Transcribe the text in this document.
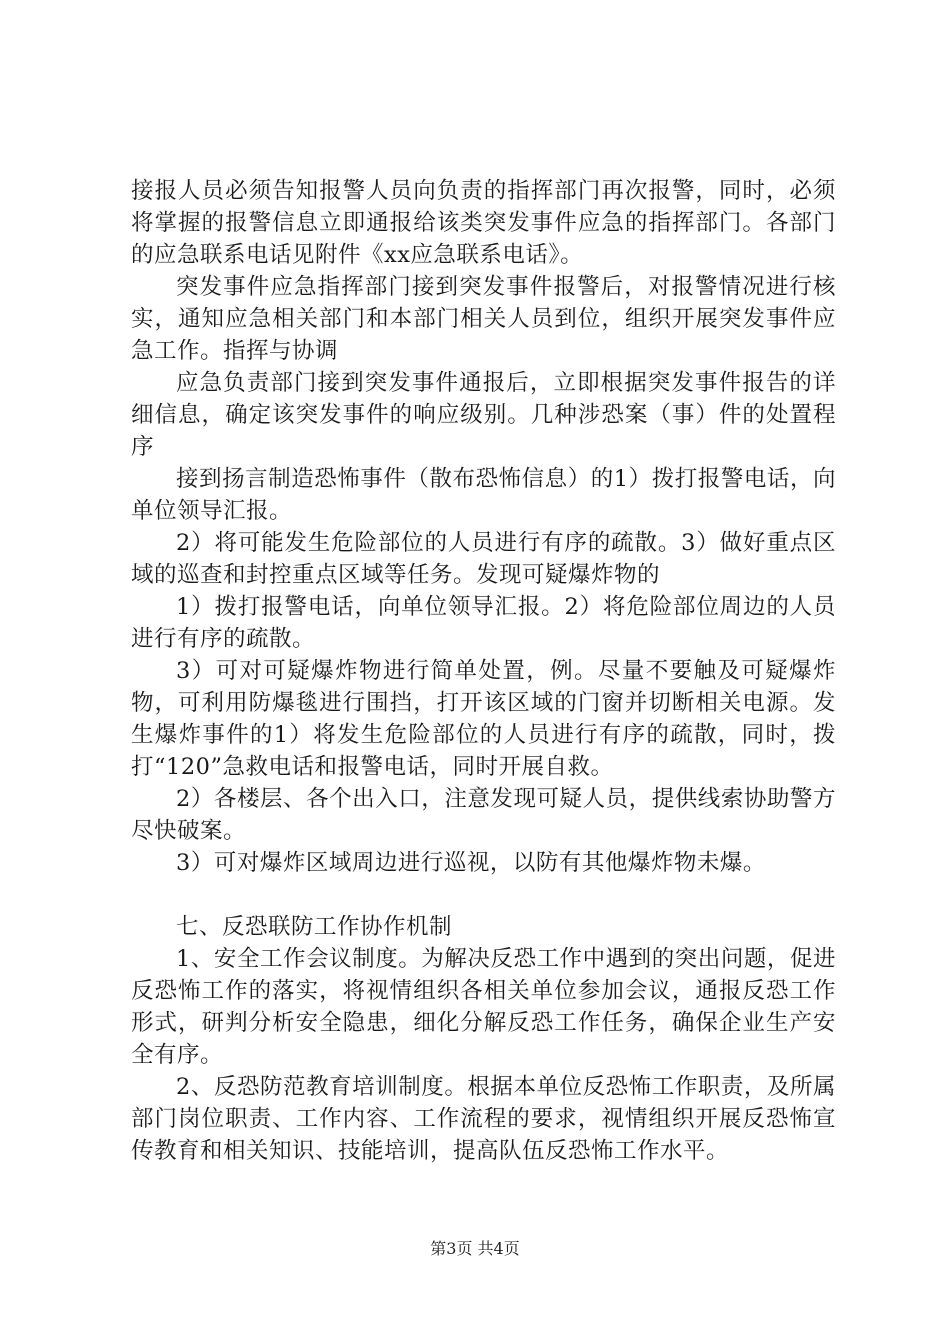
接报人员必须告知报警人员向负责的指挥部门再次报警，同时，必须将掌握的报警信息立即通报给该类突发事件应急的指挥部门。各部门的应急联系电话见附件《xx应急联系电话》。

突发事件应急指挥部门接到突发事件报警后，对报警情况进行核实，通知应急相关部门和本部门相关人员到位，组织开展突发事件应急工作。指挥与协调

应急负责部门接到突发事件通报后，立即根据突发事件报告的详细信息，确定该突发事件的响应级别。几种涉恐案（事）件的处置程序

接到扬言制造恐怖事件（散布恐怖信息）的1）拨打报警电话，向单位领导汇报。

2）将可能发生危险部位的人员进行有序的疏散。3）做好重点区域的巡查和封控重点区域等任务。发现可疑爆炸物的

1）拨打报警电话，向单位领导汇报。2）将危险部位周边的人员进行有序的疏散。

3）可对可疑爆炸物进行简单处置，例。尽量不要触及可疑爆炸物，可利用防爆毯进行围挡，打开该区域的门窗并切断相关电源。发生爆炸事件的1）将发生危险部位的人员进行有序的疏散，同时，拨打“120”急救电话和报警电话，同时开展自救。

2）各楼层、各个出入口，注意发现可疑人员，提供线索协助警方尽快破案。

3）可对爆炸区域周边进行巡视，以防有其他爆炸物未爆。

七、反恐联防工作协作机制

1、安全工作会议制度。为解决反恐工作中遇到的突出问题，促进反恐怖工作的落实，将视情组织各相关单位参加会议，通报反恐工作形式，研判分析安全隐患，细化分解反恐工作任务，确保企业生产安全有序。

2、反恐防范教育培训制度。根据本单位反恐怖工作职责，及所属部门岗位职责、工作内容、工作流程的要求，视情组织开展反恐怖宣传教育和相关知识、技能培训，提高队伍反恐怖工作水平。

第3页 共4页
